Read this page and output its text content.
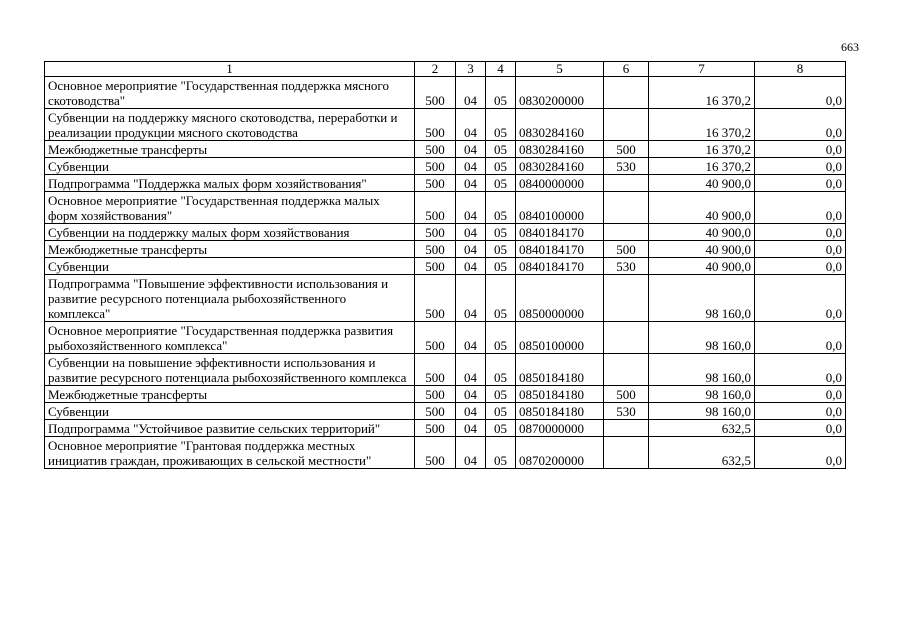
663
1	2	3	4	5	6	7	8
Основное мероприятие "Государственная поддержка мясного скотоводства"	500	04	05	0830200000		16 370,2	0,0
Субвенции на поддержку мясного скотоводства, переработки и реализации продукции мясного скотоводства	500	04	05	0830284160		16 370,2	0,0
Межбюджетные трансферты	500	04	05	0830284160	500	16 370,2	0,0
Субвенции	500	04	05	0830284160	530	16 370,2	0,0
Подпрограмма "Поддержка малых форм хозяйствования"	500	04	05	0840000000		40 900,0	0,0
Основное мероприятие "Государственная поддержка малых форм хозяйствования"	500	04	05	0840100000		40 900,0	0,0
Субвенции на поддержку малых форм хозяйствования	500	04	05	0840184170		40 900,0	0,0
Межбюджетные трансферты	500	04	05	0840184170	500	40 900,0	0,0
Субвенции	500	04	05	0840184170	530	40 900,0	0,0
Подпрограмма "Повышение эффективности использования и развитие ресурсного потенциала рыбохозяйственного комплекса"	500	04	05	0850000000		98 160,0	0,0
Основное мероприятие "Государственная поддержка развития рыбохозяйственного комплекса"	500	04	05	0850100000		98 160,0	0,0
Субвенции на повышение эффективности использования и развитие ресурсного потенциала рыбохозяйственного комплекса	500	04	05	0850184180		98 160,0	0,0
Межбюджетные трансферты	500	04	05	0850184180	500	98 160,0	0,0
Субвенции	500	04	05	0850184180	530	98 160,0	0,0
Подпрограмма "Устойчивое развитие сельских территорий"	500	04	05	0870000000		632,5	0,0
Основное мероприятие "Грантовая поддержка местных инициатив граждан, проживающих в сельской местности"	500	04	05	0870200000		632,5	0,0
